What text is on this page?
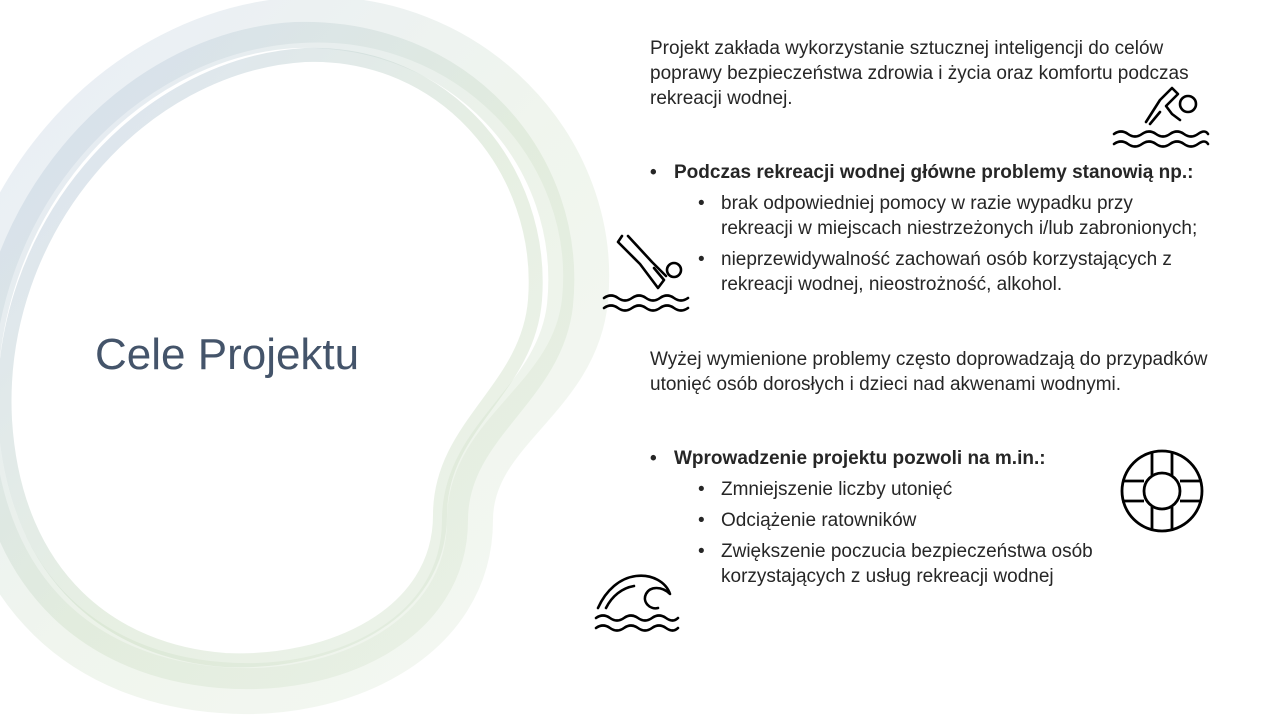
Cele Projektu

Projekt zakłada wykorzystanie sztucznej inteligencji do celów poprawy bezpieczeństwa zdrowia i życia oraz komfortu podczas rekreacji wodnej.

• Podczas rekreacji wodnej główne problemy stanowią np.:

• brak odpowiedniej pomocy w razie wypadku przy rekreacji w miejscach niestrzeżonych i/lub zabronionych;

• nieprzewidywalność zachowań osób korzystających z rekreacji wodnej, nieostrożność, alkohol.

Wyżej wymienione problemy często doprowadzają do przypadków utonięć osób dorosłych i dzieci nad akwenami wodnymi.

• Wprowadzenie projektu pozwoli na m.in.:

• Zmniejszenie liczby utonięć

• Odciążenie ratowników

• Zwiększenie poczucia bezpieczeństwa osób korzystających z usług rekreacji wodnej
